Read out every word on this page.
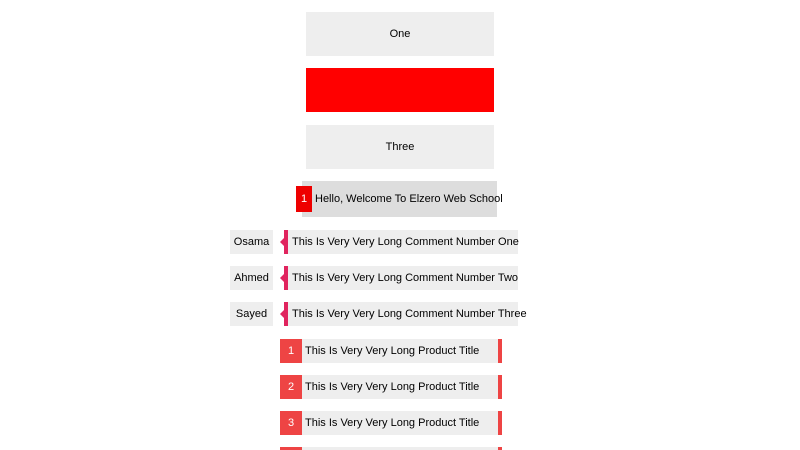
One
Three
1 Hello, Welcome To Elzero Web School
Osama	This Is Very Very Long Comment Number One
Ahmed	This Is Very Very Long Comment Number Two
Sayed	This Is Very Very Long Comment Number Three
1 This Is Very Very Long Product Title
2 This Is Very Very Long Product Title
3 This Is Very Very Long Product Title
